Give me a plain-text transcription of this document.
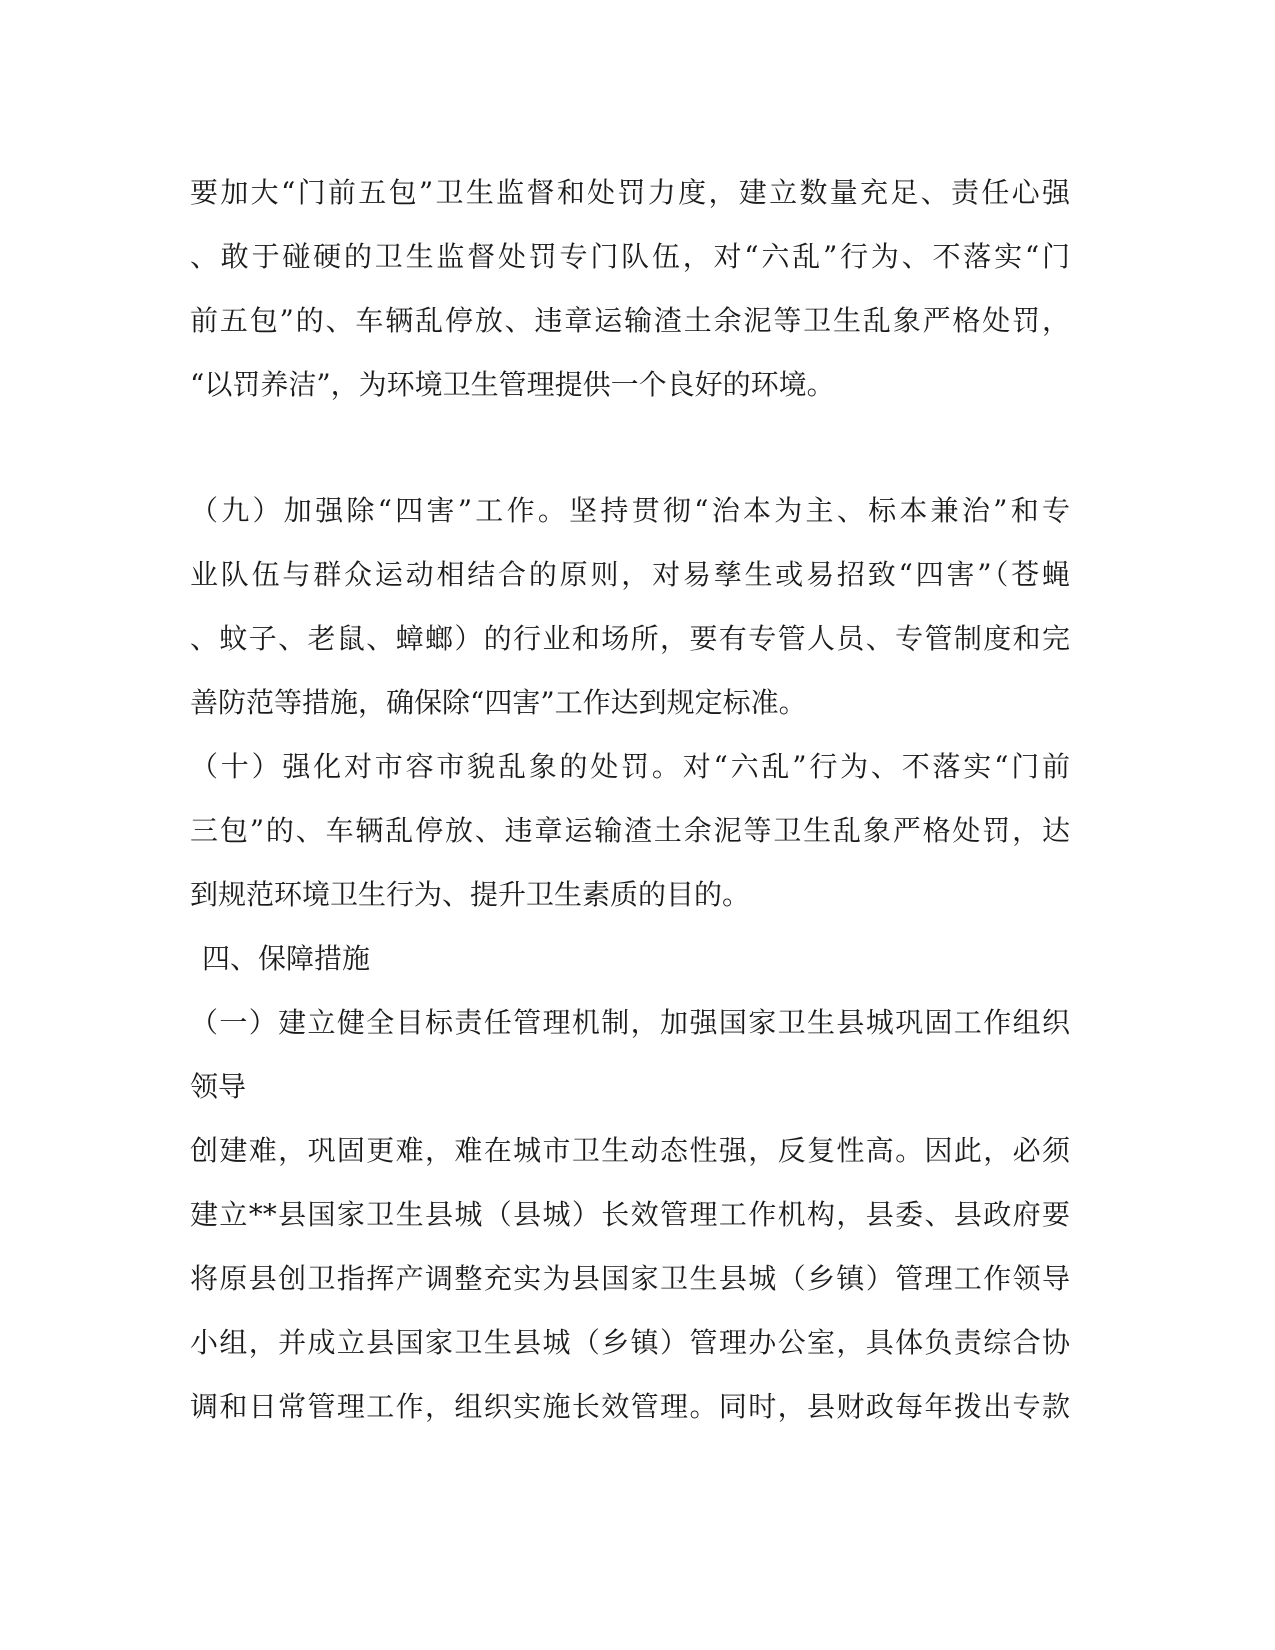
要加大“门前五包”卫生监督和处罚力度，建立数量充足、责任心强
、敢于碰硬的卫生监督处罚专门队伍，对“六乱”行为、不落实“门
前五包”的、车辆乱停放、违章运输渣土余泥等卫生乱象严格处罚，
“以罚养洁”，为环境卫生管理提供一个良好的环境。
（九）加强除“四害”工作。坚持贯彻“治本为主、标本兼治”和专
业队伍与群众运动相结合的原则，对易孳生或易招致“四害”（苍蝇
、蚊子、老鼠、蟑螂）的行业和场所，要有专管人员、专管制度和完
善防范等措施，确保除“四害”工作达到规定标准。
（十）强化对市容市貌乱象的处罚。对“六乱”行为、不落实“门前
三包”的、车辆乱停放、违章运输渣土余泥等卫生乱象严格处罚，达
到规范环境卫生行为、提升卫生素质的目的。
四、保障措施
（一）建立健全目标责任管理机制，加强国家卫生县城巩固工作组织
领导
创建难，巩固更难，难在城市卫生动态性强，反复性高。因此，必须
建立**县国家卫生县城（县城）长效管理工作机构，县委、县政府要
将原县创卫指挥产调整充实为县国家卫生县城（乡镇）管理工作领导
小组，并成立县国家卫生县城（乡镇）管理办公室，具体负责综合协
调和日常管理工作，组织实施长效管理。同时，县财政每年拨出专款
